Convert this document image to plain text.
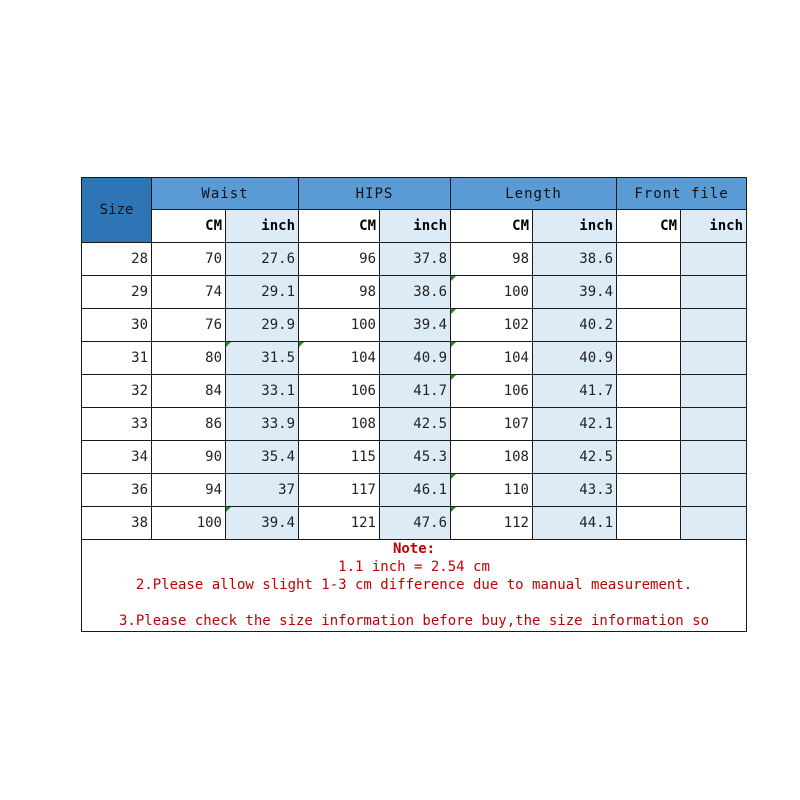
Size	Waist		HIPS		Length		Front file	
	CM	inch	CM	inch	CM	inch	CM	inch
28	70	27.6	96	37.8	98	38.6		
29	74	29.1	98	38.6	100	39.4		
30	76	29.9	100	39.4	102	40.2		
31	80	31.5	104	40.9	104	40.9		
32	84	33.1	106	41.7	106	41.7		
33	86	33.9	108	42.5	107	42.1		
34	90	35.4	115	45.3	108	42.5		
36	94	37	117	46.1	110	43.3		
38	100	39.4	121	47.6	112	44.1		

Note:
1.1 inch = 2.54 cm
2.Please allow slight 1-3 cm difference due to manual measurement.
3.Please check the size information before buy,the size information so								
